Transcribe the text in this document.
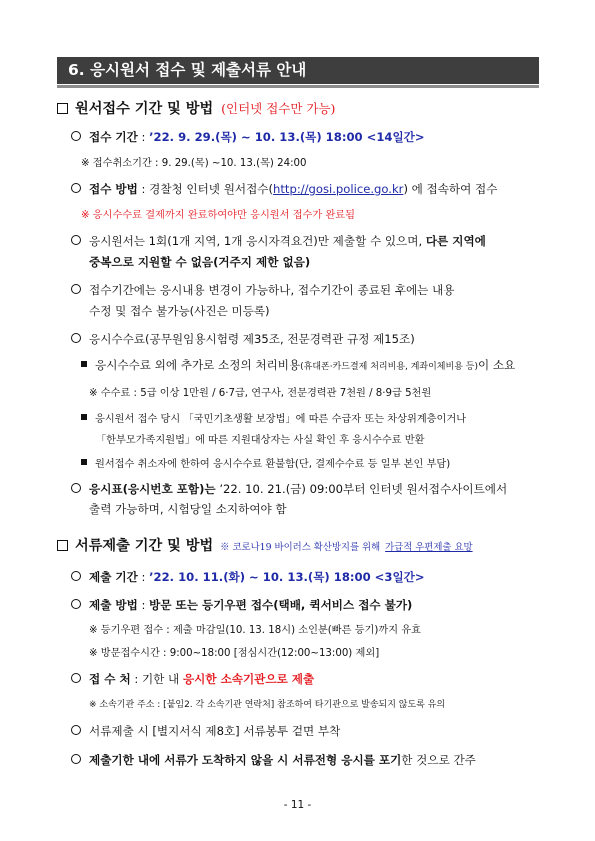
6. 응시원서 접수 및 제출서류 안내
원서접수 기간 및 방법 (인터넷 접수만 가능)
접수 기간 : ’22. 9. 29.(목) ~ 10. 13.(목) 18:00 <14일간>
※ 접수취소기간 : 9. 29.(목) ~10. 13.(목) 24:00
접수 방법 : 경찰청 인터넷 원서접수(http://gosi.police.go.kr) 에 접속하여 접수
※ 응시수수료 결제까지 완료하여야만 응시원서 접수가 완료됨
응시원서는 1회(1개 지역, 1개 응시자격요건)만 제출할 수 있으며, 다른 지역에
중복으로 지원할 수 없음(거주지 제한 없음)
접수기간에는 응시내용 변경이 가능하나, 접수기간이 종료된 후에는 내용
수정 및 접수 불가능(사진은 미등록)
응시수수료(공무원임용시험령 제35조, 전문경력관 규정 제15조)
응시수수료 외에 추가로 소정의 처리비용(휴대폰·카드결제 처리비용, 계좌이체비용 등)이 소요
※ 수수료 : 5급 이상 1만원 / 6·7급, 연구사, 전문경력관 7천원 / 8·9급 5천원
응시원서 접수 당시 「국민기초생활 보장법」에 따른 수급자 또는 차상위계층이거나
「한부모가족지원법」에 따른 지원대상자는 사실 확인 후 응시수수료 반환
원서접수 취소자에 한하여 응시수수료 환불함(단, 결제수수료 등 일부 본인 부담)
응시표(응시번호 포함)는 ’22. 10. 21.(금) 09:00부터 인터넷 원서접수사이트에서
출력 가능하며, 시험당일 소지하여야 함
서류제출 기간 및 방법 ※ 코로나19 바이러스 확산방지를 위해 가급적 우편제출 요망
제출 기간 : ’22. 10. 11.(화) ~ 10. 13.(목) 18:00 <3일간>
제출 방법 : 방문 또는 등기우편 접수(택배, 퀵서비스 접수 불가)
※ 등기우편 접수 : 제출 마감일(10. 13. 18시) 소인분(빠른 등기)까지 유효
※ 방문접수시간 : 9:00~18:00 [점심시간(12:00~13:00) 제외]
접 수 처 : 기한 내 응시한 소속기관으로 제출
※ 소속기관 주소 : [붙임2. 각 소속기관 연락처] 참조하여 타기관으로 발송되지 않도록 유의
서류제출 시 [별지서식 제8호] 서류봉투 겉면 부착
제출기한 내에 서류가 도착하지 않을 시 서류전형 응시를 포기한 것으로 간주
- 11 -
